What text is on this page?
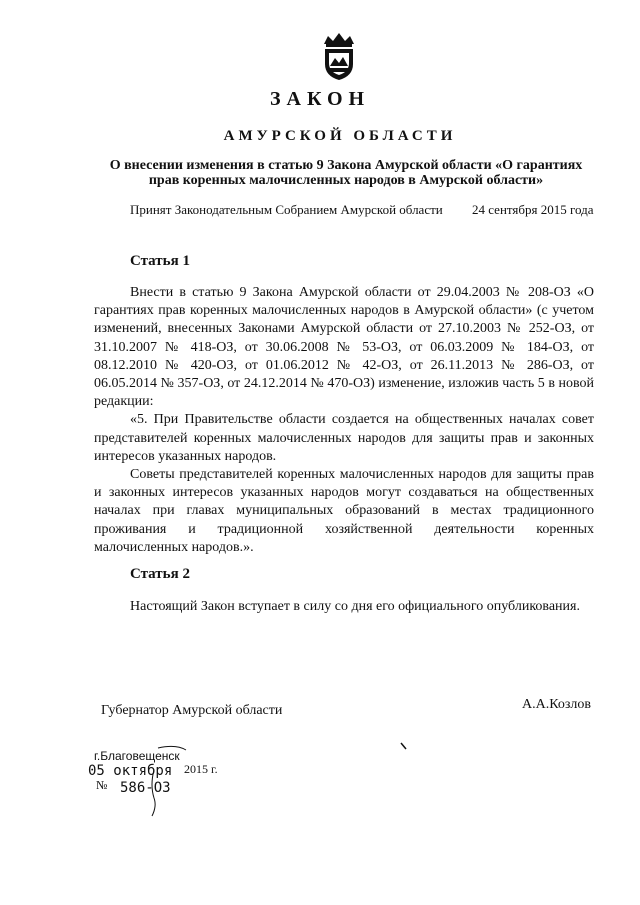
ЗАКОН
АМУРСКОЙ ОБЛАСТИ
О внесении изменения в статью 9 Закона Амурской области «О гарантиях прав коренных малочисленных народов в Амурской области»
Принят Законодательным Собранием Амурской области 24 сентября 2015 года
Статья 1

Внести в статью 9 Закона Амурской области от 29.04.2003 № 208-ОЗ «О гарантиях прав коренных малочисленных народов в Амурской области» (с учетом изменений, внесенных Законами Амурской области от 27.10.2003 № 252-ОЗ, от 31.10.2007 № 418-ОЗ, от 30.06.2008 № 53-ОЗ, от 06.03.2009 № 184-ОЗ, от 08.12.2010 № 420-ОЗ, от 01.06.2012 № 42-ОЗ, от 26.11.2013 № 286-ОЗ, от 06.05.2014 № 357-ОЗ, от 24.12.2014 № 470-ОЗ) изменение, изложив часть 5 в новой редакции:

«5. При Правительстве области создается на общественных началах совет представителей коренных малочисленных народов для защиты прав и законных интересов указанных народов.

Советы представителей коренных малочисленных народов для защиты прав и законных интересов указанных народов могут создаваться на общественных началах при главах муниципальных образований в местах традиционного проживания и традиционной хозяйственной деятельности коренных малочисленных народов.».

Статья 2

Настоящий Закон вступает в силу со дня его официального опубликования.

Губернатор Амурской области	А.А.Козлов
г.Благовещенск
05 октября 2015 г.
№ 586-ОЗ
